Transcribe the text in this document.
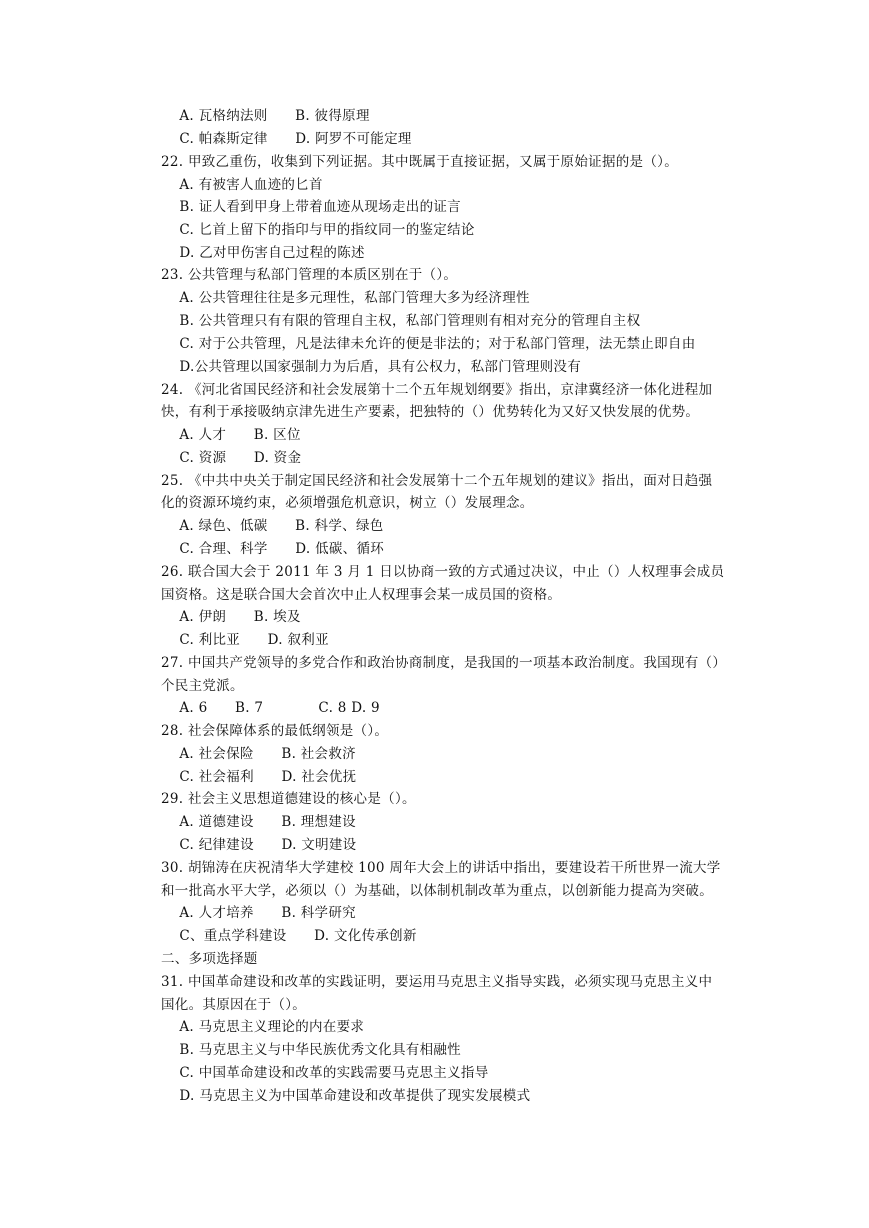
A. 瓦格纳法则      B. 彼得原理
C. 帕森斯定律      D. 阿罗不可能定理
22. 甲致乙重伤，收集到下列证据。其中既属于直接证据，又属于原始证据的是（）。
A. 有被害人血迹的匕首
B. 证人看到甲身上带着血迹从现场走出的证言
C. 匕首上留下的指印与甲的指纹同一的鉴定结论
D. 乙对甲伤害自己过程的陈述
23. 公共管理与私部门管理的本质区别在于（）。
A. 公共管理往往是多元理性，私部门管理大多为经济理性
B. 公共管理只有有限的管理自主权，私部门管理则有相对充分的管理自主权
C. 对于公共管理，凡是法律未允许的便是非法的；对于私部门管理，法无禁止即自由
D.公共管理以国家强制力为后盾，具有公权力，私部门管理则没有
24. 《河北省国民经济和社会发展第十二个五年规划纲要》指出，京津冀经济一体化进程加
快，有利于承接吸纳京津先进生产要素，把独特的（）优势转化为又好又快发展的优势。
A. 人才      B. 区位
C. 资源      D. 资金
25. 《中共中央关于制定国民经济和社会发展第十二个五年规划的建议》指出，面对日趋强
化的资源环境约束，必须增强危机意识，树立（）发展理念。
A. 绿色、低碳      B. 科学、绿色
C. 合理、科学      D. 低碳、循环
26. 联合国大会于 2011 年 3 月 1 日以协商一致的方式通过决议，中止（）人权理事会成员
国资格。这是联合国大会首次中止人权理事会某一成员国的资格。
A. 伊朗      B. 埃及
C. 利比亚      D. 叙利亚
27. 中国共产党领导的多党合作和政治协商制度，是我国的一项基本政治制度。我国现有（）
个民主党派。
A. 6      B. 7            C. 8 D. 9
28. 社会保障体系的最低纲领是（）。
A. 社会保险      B. 社会救济
C. 社会福利      D. 社会优抚
29. 社会主义思想道德建设的核心是（）。
A. 道德建设      B. 理想建设
C. 纪律建设      D. 文明建设
30. 胡锦涛在庆祝清华大学建校 100 周年大会上的讲话中指出，要建设若干所世界一流大学
和一批高水平大学，必须以（）为基础，以体制机制改革为重点，以创新能力提高为突破。
A. 人才培养      B. 科学研究
C、重点学科建设      D. 文化传承创新
二、多项选择题
31. 中国革命建设和改革的实践证明，要运用马克思主义指导实践，必须实现马克思主义中
国化。其原因在于（）。
A. 马克思主义理论的内在要求
B. 马克思主义与中华民族优秀文化具有相融性
C. 中国革命建设和改革的实践需要马克思主义指导
D. 马克思主义为中国革命建设和改革提供了现实发展模式
